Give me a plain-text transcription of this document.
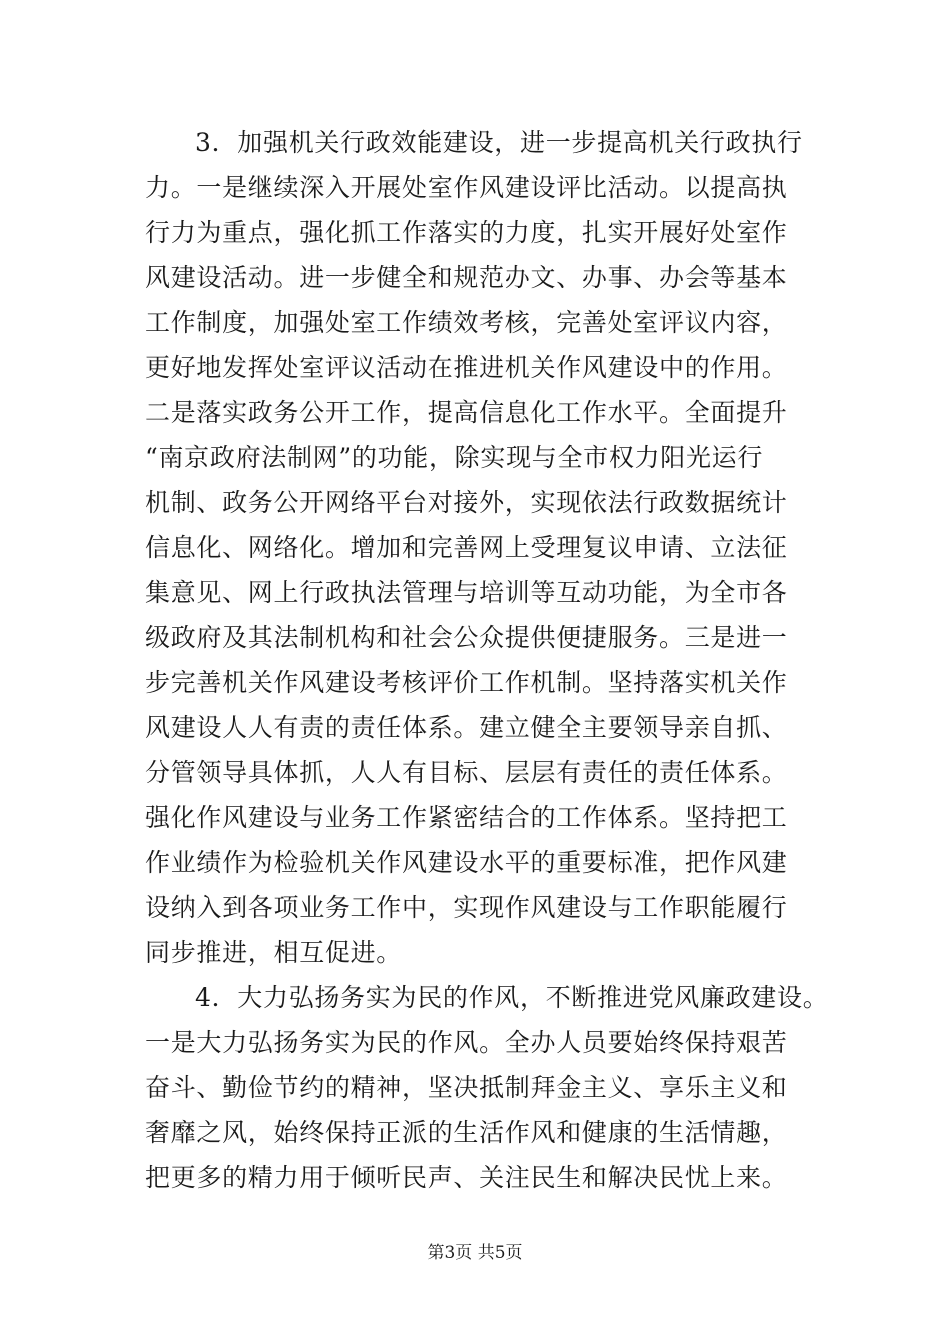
3．加强机关行政效能建设，进一步提高机关行政执行
力。一是继续深入开展处室作风建设评比活动。以提高执
行力为重点，强化抓工作落实的力度，扎实开展好处室作
风建设活动。进一步健全和规范办文、办事、办会等基本
工作制度，加强处室工作绩效考核，完善处室评议内容，
更好地发挥处室评议活动在推进机关作风建设中的作用。
二是落实政务公开工作，提高信息化工作水平。全面提升
“南京政府法制网”的功能，除实现与全市权力阳光运行
机制、政务公开网络平台对接外，实现依法行政数据统计
信息化、网络化。增加和完善网上受理复议申请、立法征
集意见、网上行政执法管理与培训等互动功能，为全市各
级政府及其法制机构和社会公众提供便捷服务。三是进一
步完善机关作风建设考核评价工作机制。坚持落实机关作
风建设人人有责的责任体系。建立健全主要领导亲自抓、
分管领导具体抓，人人有目标、层层有责任的责任体系。
强化作风建设与业务工作紧密结合的工作体系。坚持把工
作业绩作为检验机关作风建设水平的重要标准，把作风建
设纳入到各项业务工作中，实现作风建设与工作职能履行
同步推进，相互促进。
4．大力弘扬务实为民的作风，不断推进党风廉政建设。
一是大力弘扬务实为民的作风。全办人员要始终保持艰苦
奋斗、勤俭节约的精神，坚决抵制拜金主义、享乐主义和
奢靡之风，始终保持正派的生活作风和健康的生活情趣，
把更多的精力用于倾听民声、关注民生和解决民忧上来。
第3页 共5页
